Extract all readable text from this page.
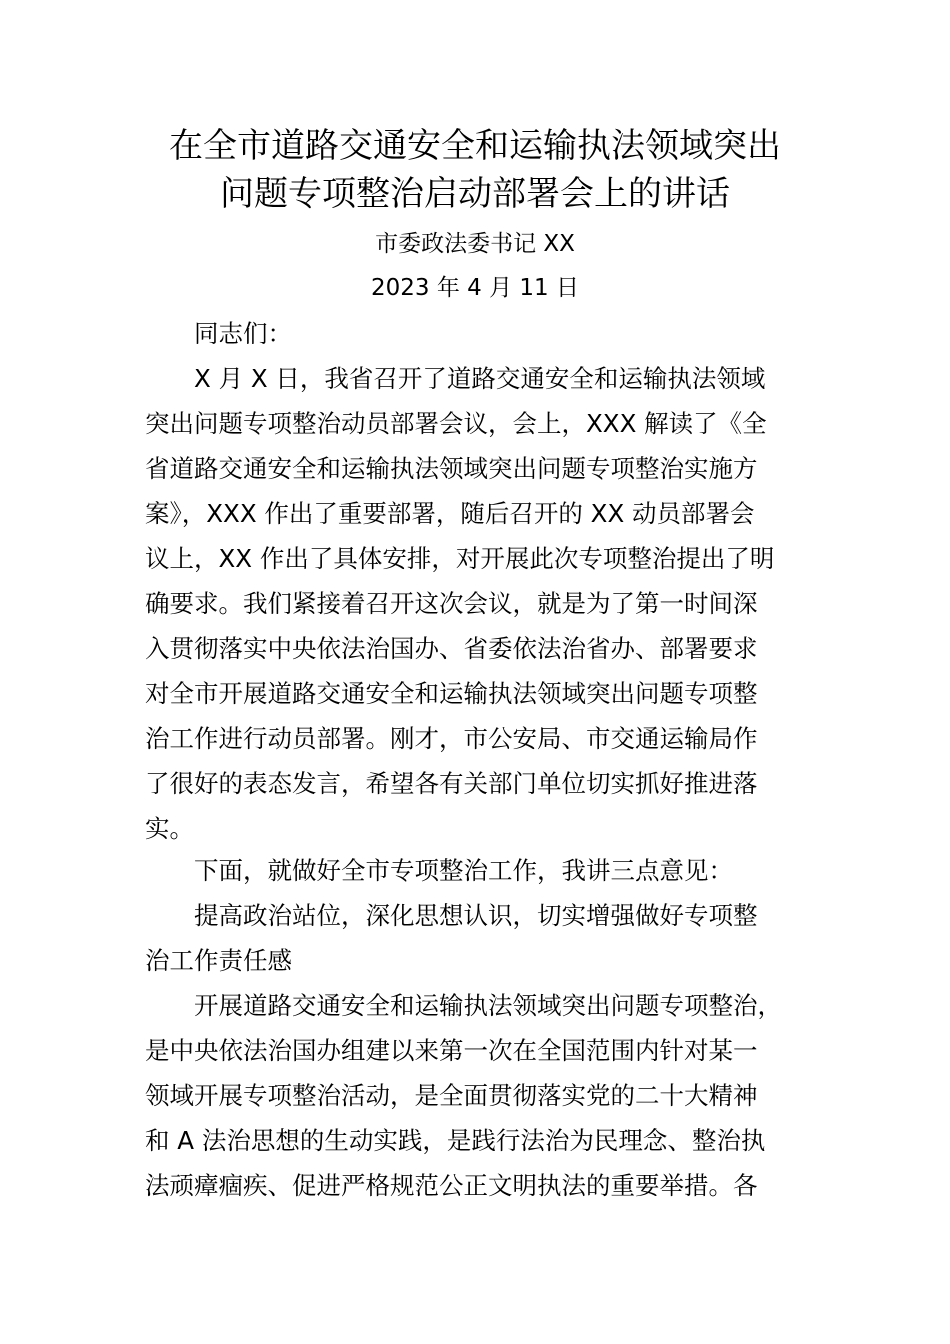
在全市道路交通安全和运输执法领域突出
问题专项整治启动部署会上的讲话
市委政法委书记 XX
2023 年 4 月 11 日
同志们：
X 月 X 日，我省召开了道路交通安全和运输执法领域
突出问题专项整治动员部署会议，会上，XXX 解读了《全
省道路交通安全和运输执法领域突出问题专项整治实施方
案》，XXX 作出了重要部署，随后召开的 XX 动员部署会
议上，XX 作出了具体安排，对开展此次专项整治提出了明
确要求。我们紧接着召开这次会议，就是为了第一时间深
入贯彻落实中央依法治国办、省委依法治省办、部署要求
对全市开展道路交通安全和运输执法领域突出问题专项整
治工作进行动员部署。刚才，市公安局、市交通运输局作
了很好的表态发言，希望各有关部门单位切实抓好推进落
实。
下面，就做好全市专项整治工作，我讲三点意见：
提高政治站位，深化思想认识，切实增强做好专项整
治工作责任感
开展道路交通安全和运输执法领域突出问题专项整治，
是中央依法治国办组建以来第一次在全国范围内针对某一
领域开展专项整治活动，是全面贯彻落实党的二十大精神
和 A 法治思想的生动实践，是践行法治为民理念、整治执
法顽瘴痼疾、促进严格规范公正文明执法的重要举措。各
